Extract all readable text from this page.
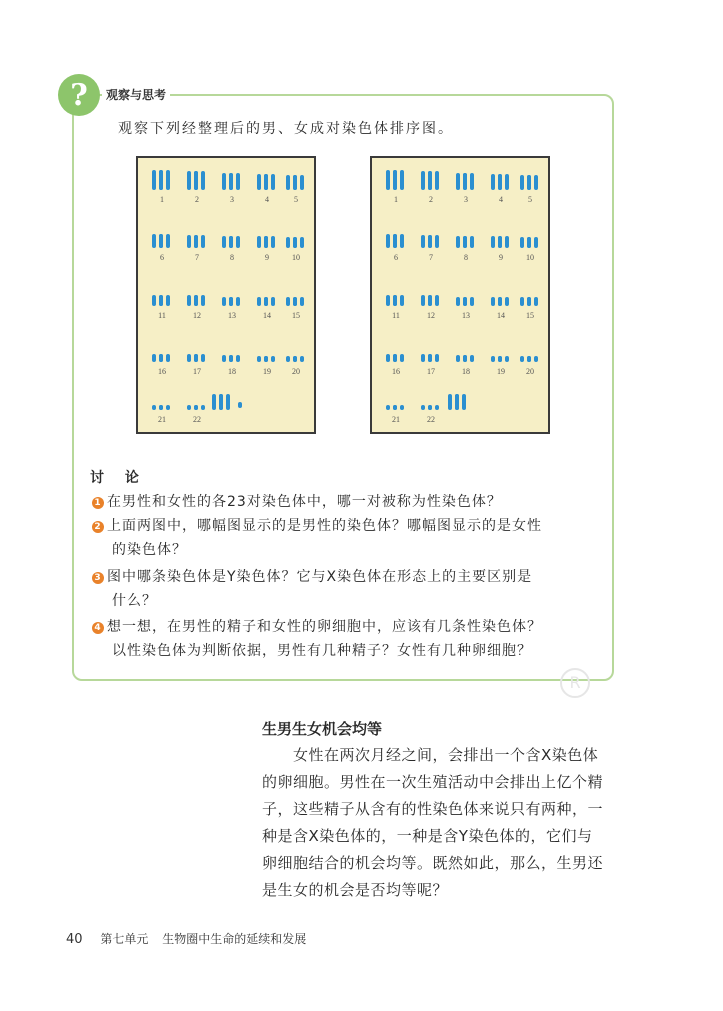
?	观察与思考
观察下列经整理后的男、女成对染色体排序图。
1	2	3	4	5
6	7	8	9	10
11	12	13	14	15
16	17	18	19	20
21	22
1	2	3	4	5
6	7	8	9	10
11	12	13	14	15
16	17	18	19	20
21	22
讨 论
1 在男性和女性的各23对染色体中，哪一对被称为性染色体？
2 上面两图中，哪幅图显示的是男性的染色体？哪幅图显示的是女性
的染色体？
3 图中哪条染色体是Y染色体？它与X染色体在形态上的主要区别是
什么？
4 想一想，在男性的精子和女性的卵细胞中，应该有几条性染色体？
以性染色体为判断依据，男性有几种精子？女性有几种卵细胞？
R
生男生女机会均等
　　女性在两次月经之间，会排出一个含X染色体
的卵细胞。男性在一次生殖活动中会排出上亿个精
子，这些精子从含有的性染色体来说只有两种，一
种是含X染色体的，一种是含Y染色体的，它们与
卵细胞结合的机会均等。既然如此，那么，生男还
是生女的机会是否均等呢？
40 第七单元 生物圈中生命的延续和发展
